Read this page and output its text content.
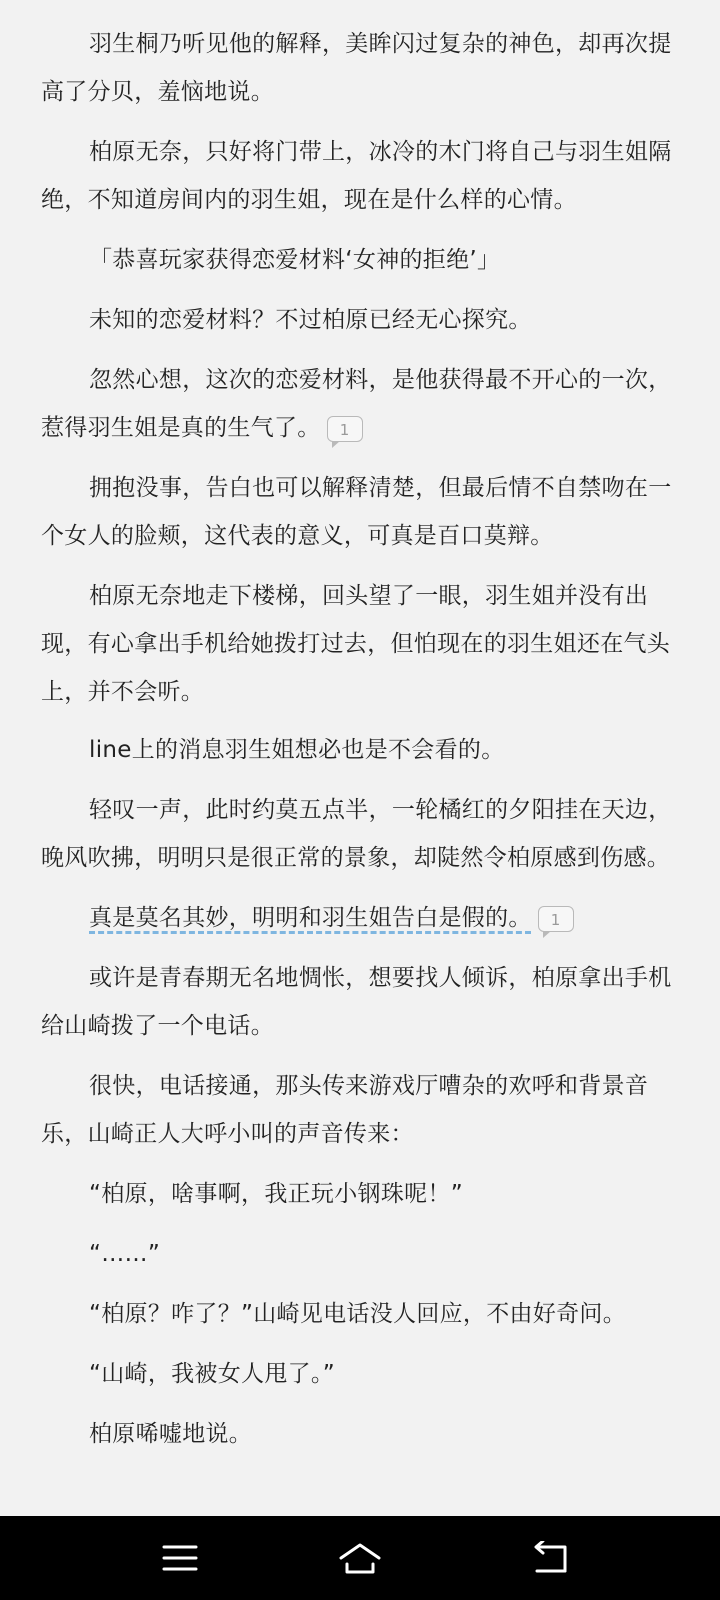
羽生桐乃听见他的解释，美眸闪过复杂的神色，却再次提高了分贝，羞恼地说。

柏原无奈，只好将门带上，冰冷的木门将自己与羽生姐隔绝，不知道房间内的羽生姐，现在是什么样的心情。

「恭喜玩家获得恋爱材料‘女神的拒绝’」

未知的恋爱材料？不过柏原已经无心探究。

忽然心想，这次的恋爱材料，是他获得最不开心的一次，惹得羽生姐是真的生气了。 1

拥抱没事，告白也可以解释清楚，但最后情不自禁吻在一个女人的脸颊，这代表的意义，可真是百口莫辩。

柏原无奈地走下楼梯，回头望了一眼，羽生姐并没有出现，有心拿出手机给她拨打过去，但怕现在的羽生姐还在气头上，并不会听。

line上的消息羽生姐想必也是不会看的。

轻叹一声，此时约莫五点半，一轮橘红的夕阳挂在天边，晚风吹拂，明明只是很正常的景象，却陡然令柏原感到伤感。

真是莫名其妙，明明和羽生姐告白是假的。 1

或许是青春期无名地惆怅，想要找人倾诉，柏原拿出手机给山崎拨了一个电话。

很快，电话接通，那头传来游戏厅嘈杂的欢呼和背景音乐，山崎正人大呼小叫的声音传来：

“柏原，啥事啊，我正玩小钢珠呢！”

“……”

“柏原？咋了？”山崎见电话没人回应，不由好奇问。

“山崎，我被女人甩了。”

柏原唏嘘地说。
